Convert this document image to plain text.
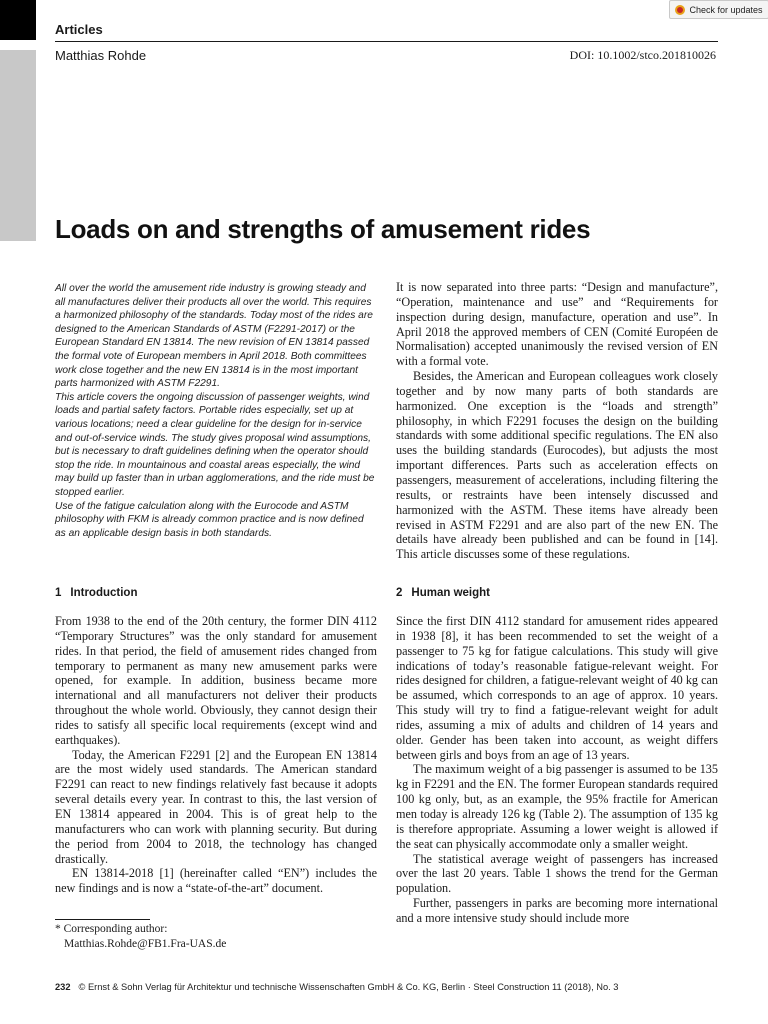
Articles
Matthias Rohde	DOI: 10.1002/stco.201810026
Check for updates
Loads on and strengths of amusement rides

All over the world the amusement ride industry is growing steady and all manufactures deliver their products all over the world. This requires a harmonized philosophy of the standards. Today most of the rides are designed to the American Standards of ASTM (F2291-2017) or the European Standard EN 13814. The new revision of EN 13814 passed the formal vote of European members in April 2018. Both committees work close together and the new EN 13814 is in the most important parts harmonized with ASTM F2291.

This article covers the ongoing discussion of passenger weights, wind loads and partial safety factors. Portable rides especially, set up at various locations; need a clear guideline for the design for in-service and out-of-service winds. The study gives proposal wind assumptions, but is necessary to draft guidelines defining when the operator should stop the ride. In mountainous and coastal areas especially, the wind may build up faster than in urban agglomerations, and the ride must be stopped earlier.

Use of the fatigue calculation along with the Eurocode and ASTM philosophy with FKM is already common practice and is now defined as an applicable design basis in both standards.

It is now separated into three parts: “Design and manufacture”, “Operation, maintenance and use” and “Requirements for inspection during design, manufacture, operation and use”. In April 2018 the approved members of CEN (Comité Européen de Normalisation) accepted unanimously the revised version of EN with a formal vote.

Besides, the American and European colleagues work closely together and by now many parts of both standards are harmonized. One exception is the “loads and strength” philosophy, in which F2291 focuses the design on the building standards with some additional specific regulations. The EN also uses the building standards (Eurocodes), but adjusts the most important differences. Parts such as acceleration effects on passengers, measurement of accelerations, including filtering the results, or restraints have been intensely discussed and harmonized with the ASTM. These items have already been revised in ASTM F2291 and are also part of the new EN. The details have already been published and can be found in [14]. This article discusses some of these regulations.

1 Introduction

From 1938 to the end of the 20th century, the former DIN 4112 “Temporary Structures” was the only standard for amusement rides. In that period, the field of amusement rides changed from temporary to permanent as many new amusement parks were opened, for example. In addition, business became more international and all manufacturers not deliver their products throughout the whole world. Obviously, they cannot design their rides to satisfy all specific local requirements (except wind and earthquakes).

Today, the American F2291 [2] and the European EN 13814 are the most widely used standards. The American standard F2291 can react to new findings relatively fast because it adopts several details every year. In contrast to this, the last version of EN 13814 appeared in 2004. This is of great help to the manufacturers who can work with planning security. But during the period from 2004 to 2018, the technology has changed drastically.

EN 13814-2018 [1] (hereinafter called “EN”) includes the new findings and is now a “state-of-the-art” document.

2 Human weight

Since the first DIN 4112 standard for amusement rides appeared in 1938 [8], it has been recommended to set the weight of a passenger to 75 kg for fatigue calculations. This study will give indications of today’s reasonable fatigue-relevant weight. For rides designed for children, a fatigue-relevant weight of 40 kg can be assumed, which corresponds to an age of approx. 10 years. This study will try to find a fatigue-relevant weight for adult rides, assuming a mix of adults and children of 14 years and older. Gender has been taken into account, as weight differs between girls and boys from an age of 13 years.

The maximum weight of a big passenger is assumed to be 135 kg in F2291 and the EN. The former European standards required 100 kg only, but, as an example, the 95% fractile for American men today is already 126 kg (Table 2). The assumption of 135 kg is therefore appropriate. Assuming a lower weight is allowed if the seat can physically accommodate only a smaller weight.

The statistical average weight of passengers has increased over the last 20 years. Table 1 shows the trend for the German population.

Further, passengers in parks are becoming more international and a more intensive study should include more

* Corresponding author:
Matthias.Rohde@FB1.Fra-UAS.de
232 © Ernst & Sohn Verlag für Architektur und technische Wissenschaften GmbH & Co. KG, Berlin · Steel Construction 11 (2018), No. 3
